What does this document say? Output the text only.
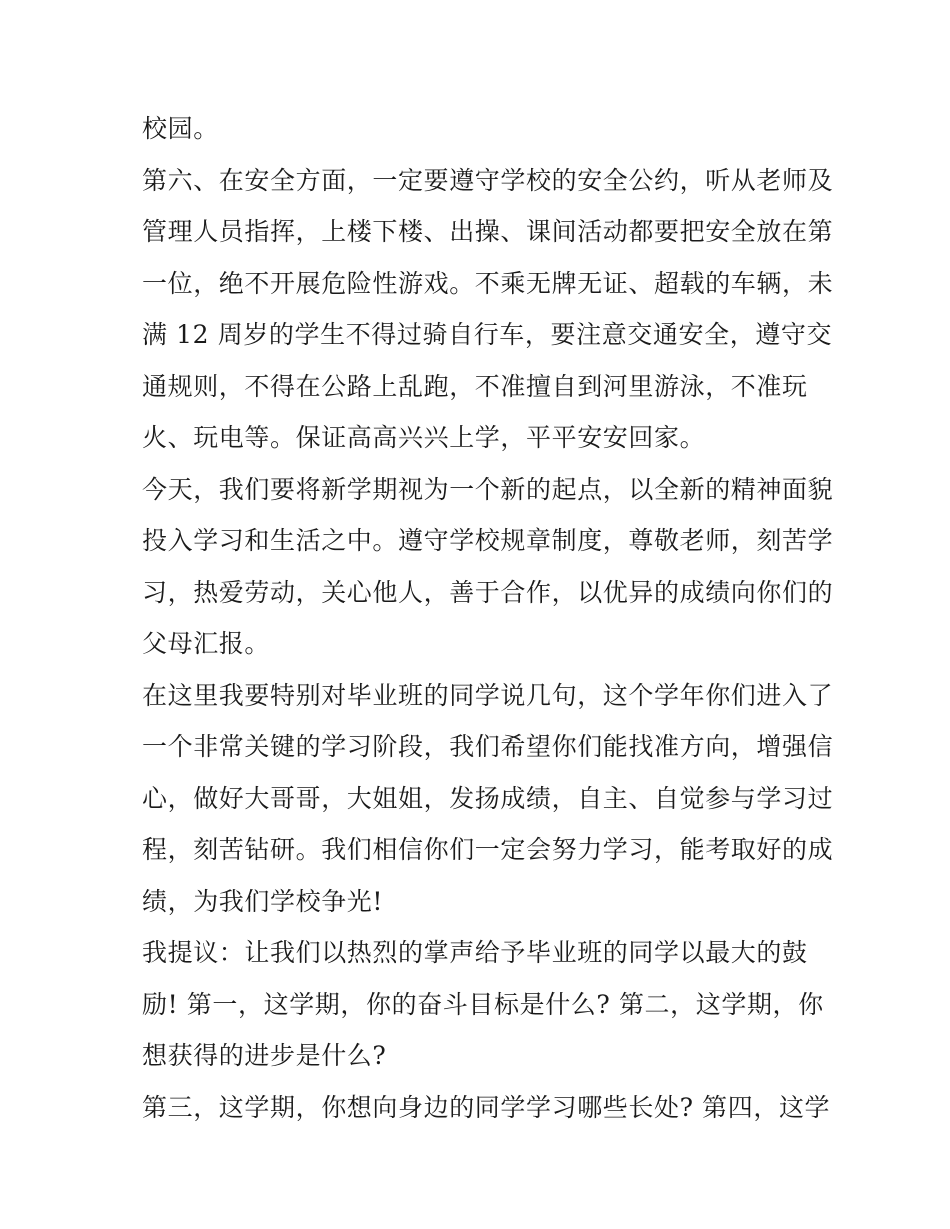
校园。
第六、在安全方面，一定要遵守学校的安全公约，听从老师及
管理人员指挥，上楼下楼、出操、课间活动都要把安全放在第
一位，绝不开展危险性游戏。不乘无牌无证、超载的车辆，未
满 12 周岁的学生不得过骑自行车，要注意交通安全，遵守交
通规则，不得在公路上乱跑，不准擅自到河里游泳，不准玩
火、玩电等。保证高高兴兴上学，平平安安回家。
今天，我们要将新学期视为一个新的起点，以全新的精神面貌
投入学习和生活之中。遵守学校规章制度，尊敬老师，刻苦学
习，热爱劳动，关心他人，善于合作，以优异的成绩向你们的
父母汇报。
在这里我要特别对毕业班的同学说几句，这个学年你们进入了
一个非常关键的学习阶段，我们希望你们能找准方向，增强信
心，做好大哥哥，大姐姐，发扬成绩，自主、自觉参与学习过
程，刻苦钻研。我们相信你们一定会努力学习，能考取好的成
绩，为我们学校争光!
我提议：让我们以热烈的掌声给予毕业班的同学以最大的鼓
励! 第一，这学期，你的奋斗目标是什么? 第二，这学期，你
想获得的进步是什么?
第三，这学期，你想向身边的同学学习哪些长处? 第四，这学
